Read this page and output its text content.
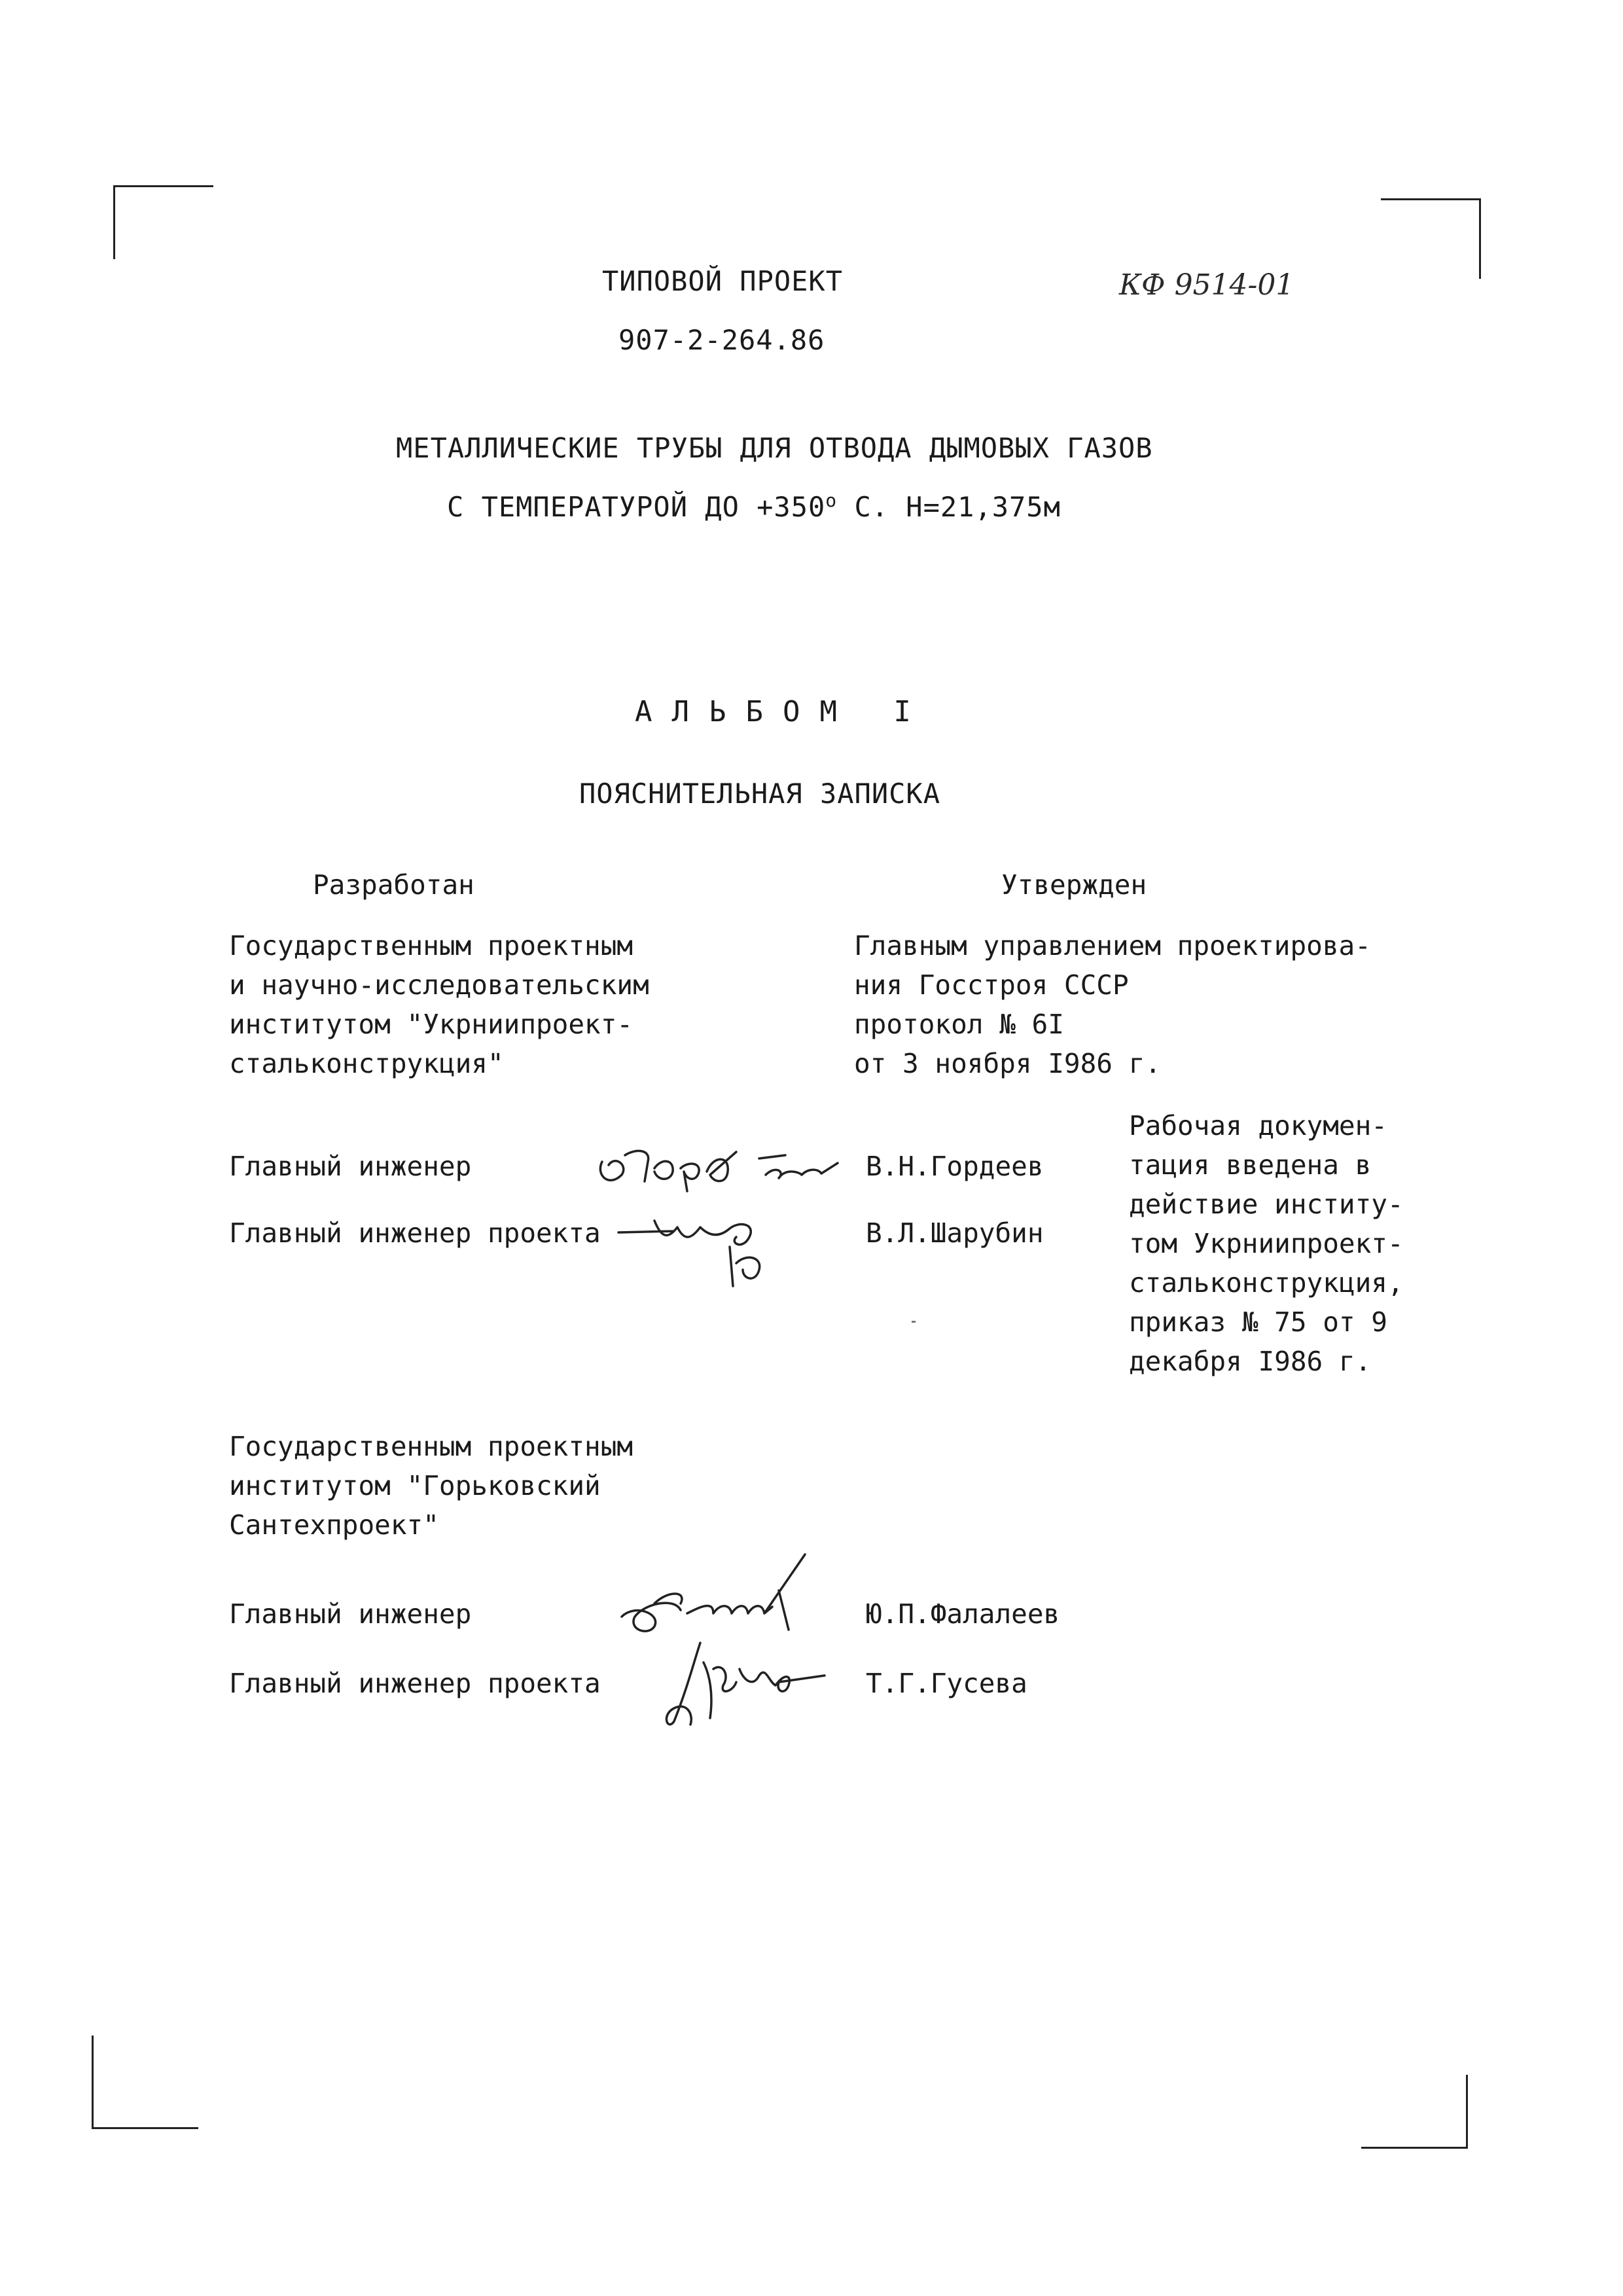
КФ 9514-01
ТИПОВОЙ ПРОЕКТ
907-2-264.86
МЕТАЛЛИЧЕСКИЕ ТРУБЫ ДЛЯ ОТВОДА ДЫМОВЫХ ГАЗОВ
С ТЕМПЕРАТУРОЙ ДО $+350^о$ С. Н=21,375м
АЛЬБОМ I
ПОЯСНИТЕЛЬНАЯ ЗАПИСКА
Разработан	Утвержден
Государственным проектным
и научно-исследовательским
институтом "Укрниипроект-
стальконструкция"
Главным управлением проектирова-
ния Госстроя СССР
протокол № 6I
от 3 ноября I986 г.
Главный инженер	В.Н.Гордеев
Главный инженер проекта	В.Л.Шарубин
Рабочая докумен-
тация введена в
действие институ-
том Укрниипроект-
стальконструкция,
приказ № 75 от 9
декабря I986 г.
Государственным проектным
институтом "Горьковский
Сантехпроект"
Главный инженер	Ю.П.Фалалеев
Главный инженер проекта	Т.Г.Гусева
